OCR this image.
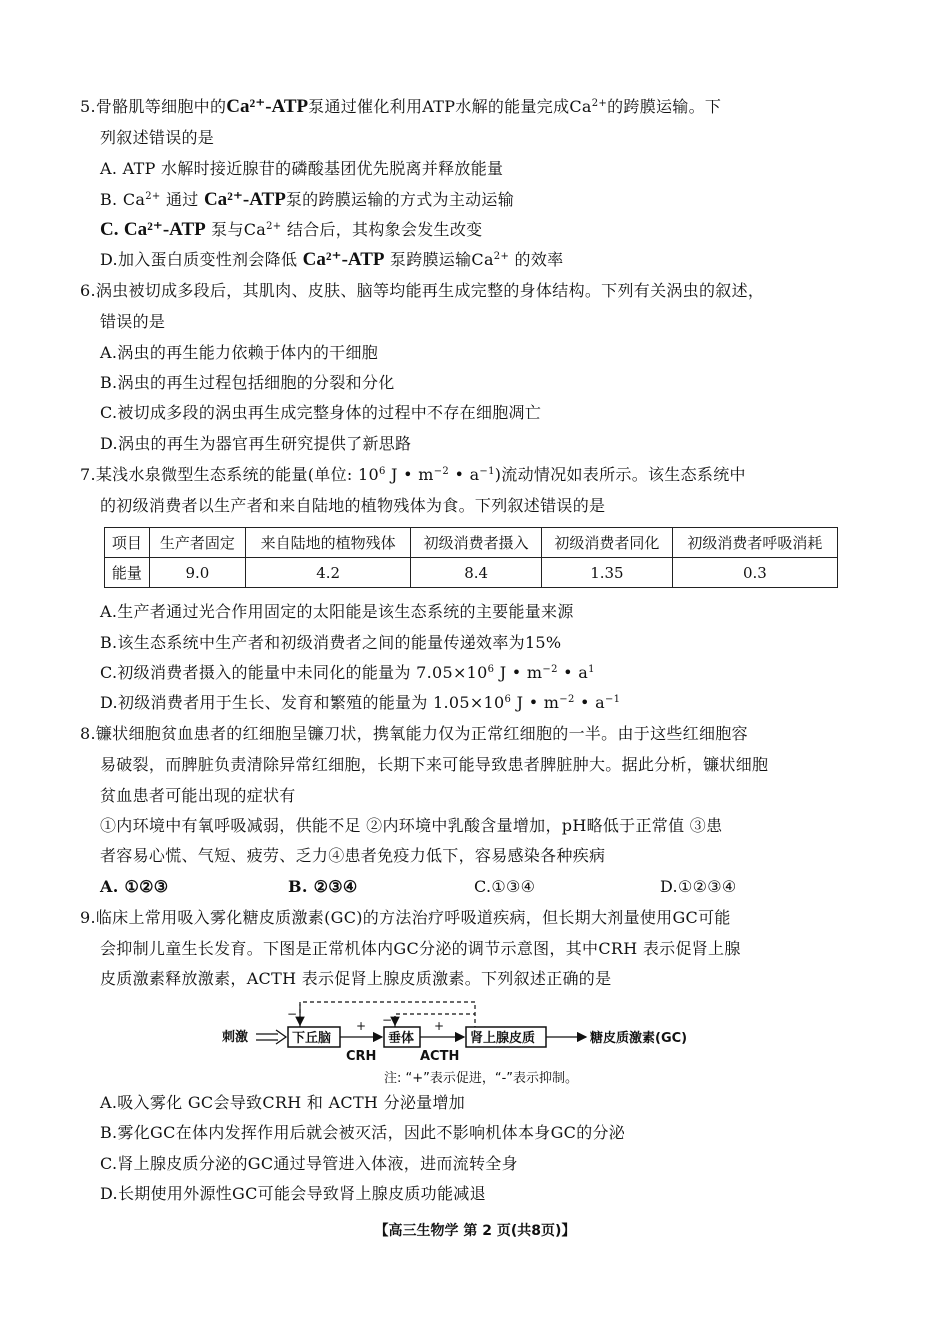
5.骨骼肌等细胞中的Ca²⁺-ATP泵通过催化利用ATP水解的能量完成$Ca^{2+}$的跨膜运输。下
列叙述错误的是
A. ATP 水解时接近腺苷的磷酸基团优先脱离并释放能量
B. $Ca^{2+}$ 通过 Ca²⁺-ATP泵的跨膜运输的方式为主动运输
C. Ca²⁺-ATP 泵与$Ca^{2+}$ 结合后，其构象会发生改变
D.加入蛋白质变性剂会降低 Ca²⁺-ATP 泵跨膜运输$Ca^{2+}$ 的效率
6.涡虫被切成多段后，其肌肉、皮肤、脑等均能再生成完整的身体结构。下列有关涡虫的叙述，
错误的是
A.涡虫的再生能力依赖于体内的干细胞
B.涡虫的再生过程包括细胞的分裂和分化
C.被切成多段的涡虫再生成完整身体的过程中不存在细胞凋亡
D.涡虫的再生为器官再生研究提供了新思路
7.某浅水泉微型生态系统的能量(单位: $10^6$ J • $m^{-2}$ • $a^{-1}$)流动情况如表所示。该生态系统中
的初级消费者以生产者和来自陆地的植物残体为食。下列叙述错误的是
项目	生产者固定	来自陆地的植物残体	初级消费者摄入	初级消费者同化	初级消费者呼吸消耗
能量	9.0	4.2	8.4	1.35	0.3
A.生产者通过光合作用固定的太阳能是该生态系统的主要能量来源
B.该生态系统中生产者和初级消费者之间的能量传递效率为15%
C.初级消费者摄入的能量中未同化的能量为 $7.05\times 10^6$ J • $m^{-2}$ • $a^1$
D.初级消费者用于生长、发育和繁殖的能量为 $1.05\times 10^6$ J • $m^{-2}$ • $a^{-1}$
8.镰状细胞贫血患者的红细胞呈镰刀状，携氧能力仅为正常红细胞的一半。由于这些红细胞容
易破裂，而脾脏负责清除异常红细胞，长期下来可能导致患者脾脏肿大。据此分析，镰状细胞
贫血患者可能出现的症状有
①内环境中有氧呼吸减弱，供能不足 ②内环境中乳酸含量增加，pH略低于正常值 ③患
者容易心慌、气短、疲劳、乏力④患者免疫力低下，容易感染各种疾病
A. ①②③	B. ②③④	C.①③④	D.①②③④
9.临床上常用吸入雾化糖皮质激素(GC)的方法治疗呼吸道疾病，但长期大剂量使用GC可能
会抑制儿童生长发育。下图是正常机体内GC分泌的调节示意图，其中CRH 表示促肾上腺
皮质激素释放激素，ACTH 表示促肾上腺皮质激素。下列叙述正确的是
−	−
刺激	下丘脑
+
CRH
垂体
+
ACTH
肾上腺皮质	糖皮质激素(GC)
注: “+”表示促进，“-”表示抑制。
A.吸入雾化 GC会导致CRH 和 ACTH 分泌量增加
B.雾化GC在体内发挥作用后就会被灭活，因此不影响机体本身GC的分泌
C.肾上腺皮质分泌的GC通过导管进入体液，进而流转全身
D.长期使用外源性GC可能会导致肾上腺皮质功能减退
【高三生物学 第 2 页(共8页)】
